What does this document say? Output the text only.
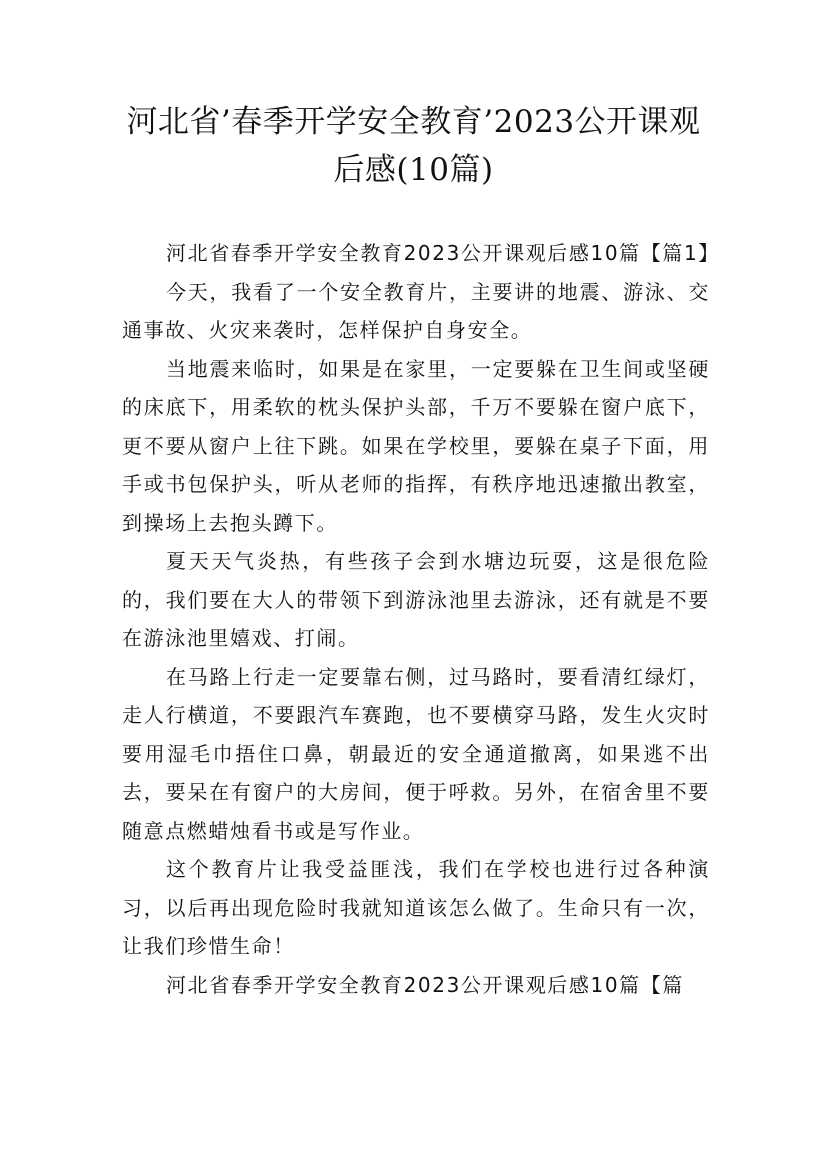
河北省’春季开学安全教育’2023公开课观
后感(10篇)

河北省春季开学安全教育2023公开课观后感10篇【篇1】

今天，我看了一个安全教育片，主要讲的地震、游泳、交通事故、火灾来袭时，怎样保护自身安全。

当地震来临时，如果是在家里，一定要躲在卫生间或坚硬的床底下，用柔软的枕头保护头部，千万不要躲在窗户底下，更不要从窗户上往下跳。如果在学校里，要躲在桌子下面，用手或书包保护头，听从老师的指挥，有秩序地迅速撤出教室，到操场上去抱头蹲下。

夏天天气炎热，有些孩子会到水塘边玩耍，这是很危险的，我们要在大人的带领下到游泳池里去游泳，还有就是不要在游泳池里嬉戏、打闹。

在马路上行走一定要靠右侧，过马路时，要看清红绿灯，走人行横道，不要跟汽车赛跑，也不要横穿马路，发生火灾时要用湿毛巾捂住口鼻，朝最近的安全通道撤离，如果逃不出去，要呆在有窗户的大房间，便于呼救。另外，在宿舍里不要随意点燃蜡烛看书或是写作业。

这个教育片让我受益匪浅，我们在学校也进行过各种演习，以后再出现危险时我就知道该怎么做了。生命只有一次，让我们珍惜生命！

河北省春季开学安全教育2023公开课观后感10篇【篇
